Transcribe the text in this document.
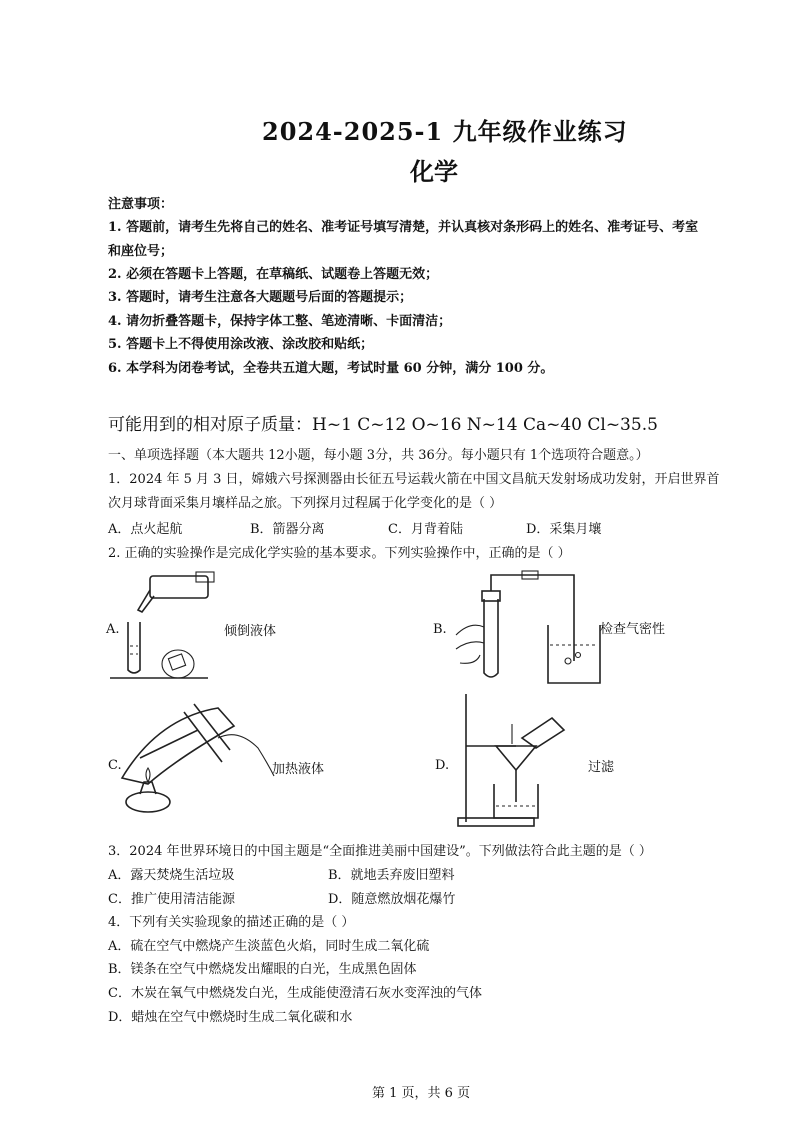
2024-2025-1 九年级作业练习
化学
注意事项：
1. 答题前，请考生先将自己的姓名、准考证号填写清楚，并认真核对条形码上的姓名、准考证号、考室
和座位号；
2. 必须在答题卡上答题，在草稿纸、试题卷上答题无效；
3. 答题时，请考生注意各大题题号后面的答题提示；
4. 请勿折叠答题卡，保持字体工整、笔迹清晰、卡面清洁；
5. 答题卡上不得使用涂改液、涂改胶和贴纸；
6. 本学科为闭卷考试，全卷共五道大题，考试时量 60 分钟，满分 100 分。
可能用到的相对原子质量：H~1 C~12 O~16 N~14 Ca~40 Cl~35.5
一、单项选择题（本大题共 12小题，每小题 3分，共 36分。每小题只有 1个选项符合题意。）
1．2024 年 5 月 3 日，嫦娥六号探测器由长征五号运载火箭在中国文昌航天发射场成功发射，开启世界首
次月球背面采集月壤样品之旅。下列探月过程属于化学变化的是（ ）
A．点火起航	B．箭器分离	C．月背着陆	D．采集月壤
2. 正确的实验操作是完成化学实验的基本要求。下列实验操作中，正确的是（ ）
A.	倾倒液体	B.	检查气密性
C.	加热液体	D.	过滤
3．2024 年世界环境日的中国主题是“全面推进美丽中国建设”。下列做法符合此主题的是（ ）
A．露天焚烧生活垃圾	B．就地丢弃废旧塑料
C．推广使用清洁能源	D．随意燃放烟花爆竹
4．下列有关实验现象的描述正确的是（ ）
A．硫在空气中燃烧产生淡蓝色火焰，同时生成二氧化硫
B．镁条在空气中燃烧发出耀眼的白光，生成黑色固体
C．木炭在氧气中燃烧发白光，生成能使澄清石灰水变浑浊的气体
D．蜡烛在空气中燃烧时生成二氧化碳和水
第 1 页，共 6 页
